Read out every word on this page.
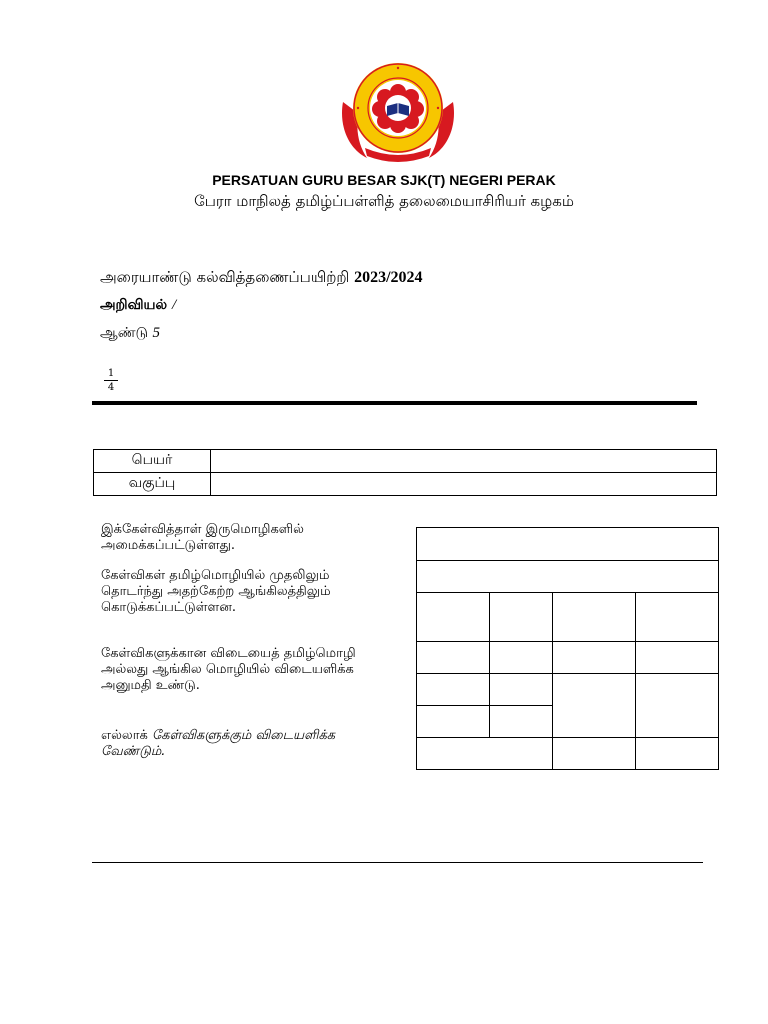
PERSATUAN GURU BESAR SJK(T) NEGERI PERAK
பேரா மாநிலத் தமிழ்ப்பள்ளித் தலைமையாசிரியர் கழகம்
அரையாண்டு கல்வித்தணைப்பயிற்றி 2023/2024
அறிவியல் /
ஆண்டு 5
1
4
பெயர்	
வகுப்பு	

இக்கேள்வித்தாள் இருமொழிகளில் அமைக்கப்பட்டுள்ளது.

கேள்விகள் தமிழ்மொழியில் முதலிலும் தொடர்ந்து அதற்கேற்ற ஆங்கிலத்திலும் கொடுக்கப்பட்டுள்ளன.

கேள்விகளுக்கான விடையைத் தமிழ்மொழி அல்லது ஆங்கில மொழியில் விடையளிக்க அனுமதி உண்டு.

எல்லாக் கேள்விகளுக்கும் விடையளிக்க வேண்டும்.
